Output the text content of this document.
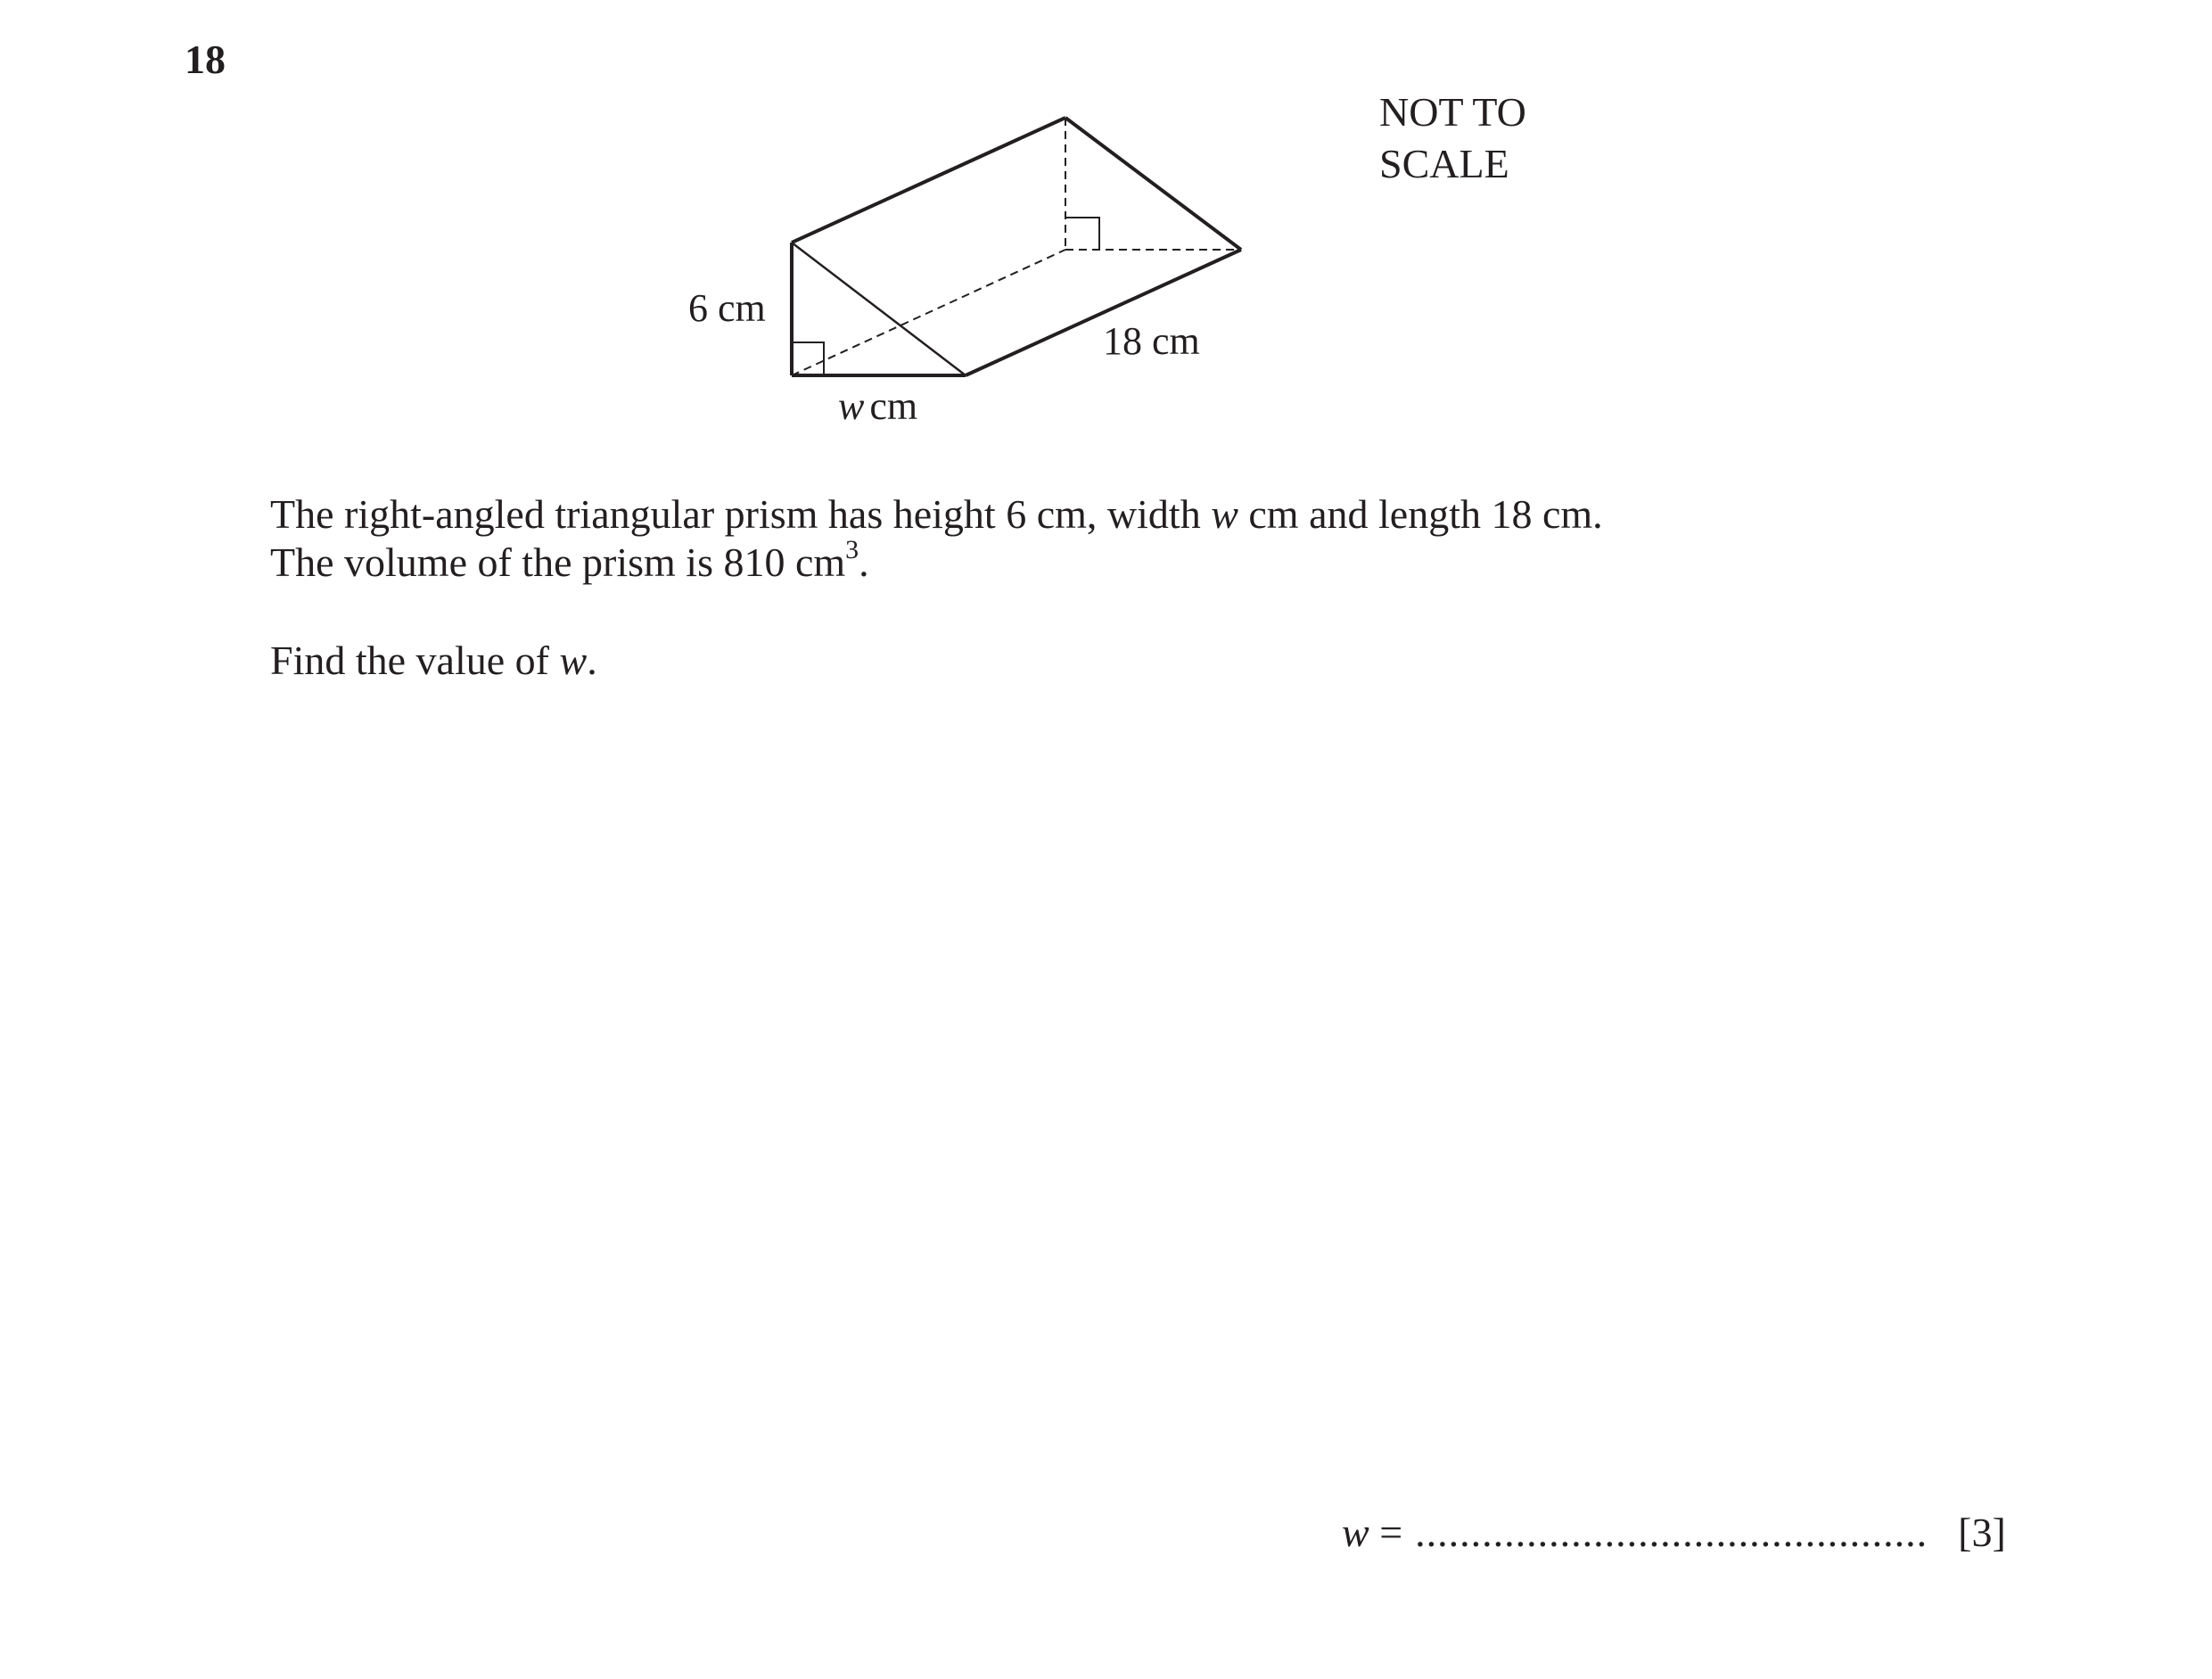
18
6 cm
18 cm
w cm
NOT TO
SCALE
The right-angled triangular prism has height 6 cm, width w cm and length 18 cm.
The volume of the prism is 810 $cm^3$.
Find the value of w.
w = .............................................. [3]
